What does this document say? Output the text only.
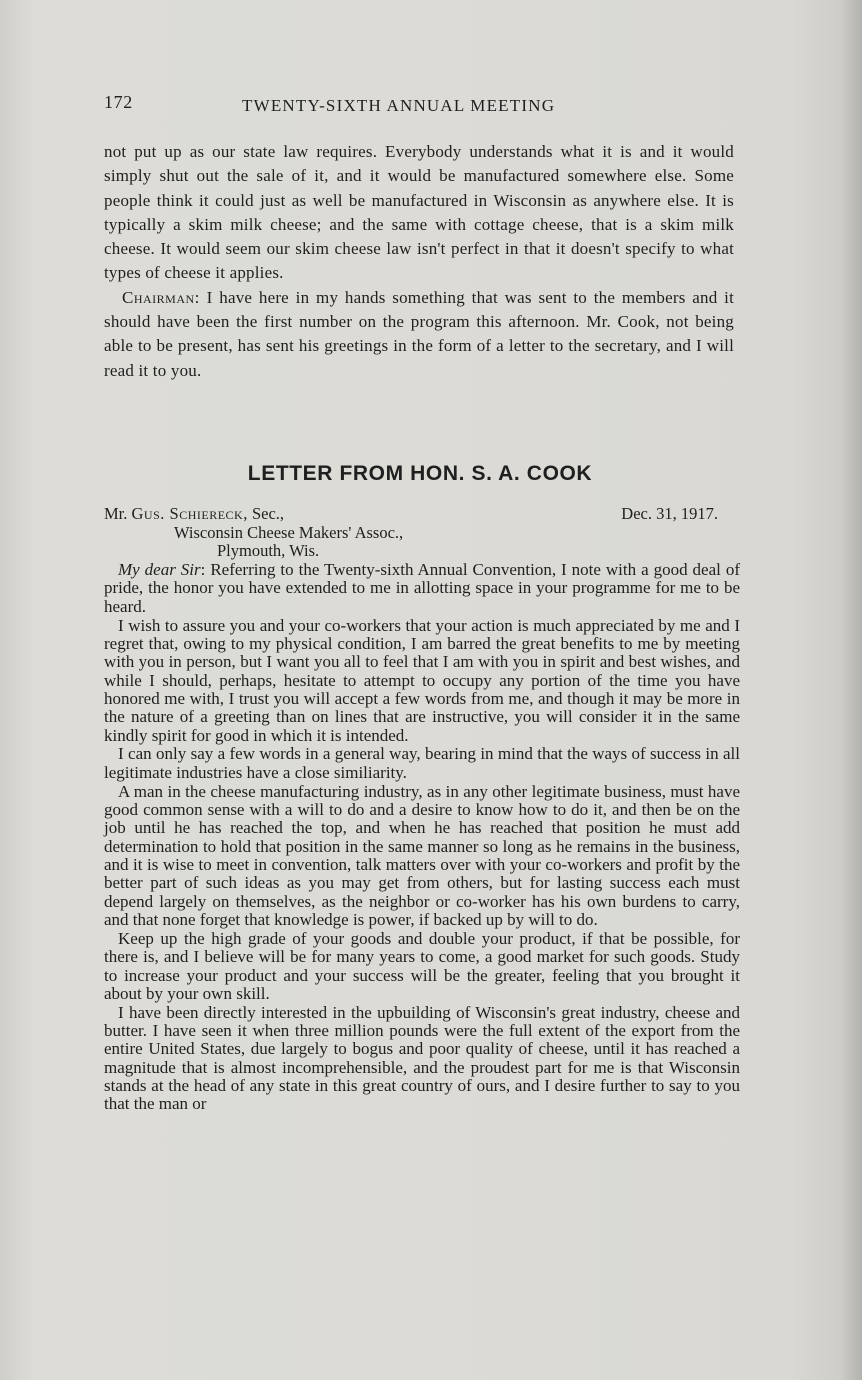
172	TWENTY-SIXTH ANNUAL MEETING

not put up as our state law requires. Everybody understands what it is and it would simply shut out the sale of it, and it would be manufactured somewhere else. Some people think it could just as well be manufactured in Wisconsin as anywhere else. It is typically a skim milk cheese; and the same with cottage cheese, that is a skim milk cheese. It would seem our skim cheese law isn't perfect in that it doesn't specify to what types of cheese it applies.

Chairman: I have here in my hands something that was sent to the members and it should have been the first number on the program this afternoon. Mr. Cook, not being able to be present, has sent his greetings in the form of a letter to the secretary, and I will read it to you.

LETTER FROM HON. S. A. COOK
Mr. Gus. Schiereck, Sec.,	Dec. 31, 1917.
Wisconsin Cheese Makers' Assoc.,
Plymouth, Wis.

My dear Sir: Referring to the Twenty-sixth Annual Convention, I note with a good deal of pride, the honor you have extended to me in allotting space in your programme for me to be heard.

I wish to assure you and your co-workers that your action is much appreciated by me and I regret that, owing to my physical condition, I am barred the great benefits to me by meeting with you in person, but I want you all to feel that I am with you in spirit and best wishes, and while I should, perhaps, hesitate to attempt to occupy any portion of the time you have honored me with, I trust you will accept a few words from me, and though it may be more in the nature of a greeting than on lines that are instructive, you will consider it in the same kindly spirit for good in which it is intended.

I can only say a few words in a general way, bearing in mind that the ways of success in all legitimate industries have a close similiarity.

A man in the cheese manufacturing industry, as in any other legitimate business, must have good common sense with a will to do and a desire to know how to do it, and then be on the job until he has reached the top, and when he has reached that position he must add determination to hold that position in the same manner so long as he remains in the business, and it is wise to meet in convention, talk matters over with your co-workers and profit by the better part of such ideas as you may get from others, but for lasting success each must depend largely on themselves, as the neighbor or co-worker has his own burdens to carry, and that none forget that knowledge is power, if backed up by will to do.

Keep up the high grade of your goods and double your product, if that be possible, for there is, and I believe will be for many years to come, a good market for such goods. Study to increase your product and your success will be the greater, feeling that you brought it about by your own skill.

I have been directly interested in the upbuilding of Wisconsin's great industry, cheese and butter. I have seen it when three million pounds were the full extent of the export from the entire United States, due largely to bogus and poor quality of cheese, until it has reached a magnitude that is almost incomprehensible, and the proudest part for me is that Wisconsin stands at the head of any state in this great country of ours, and I desire further to say to you that the man or
